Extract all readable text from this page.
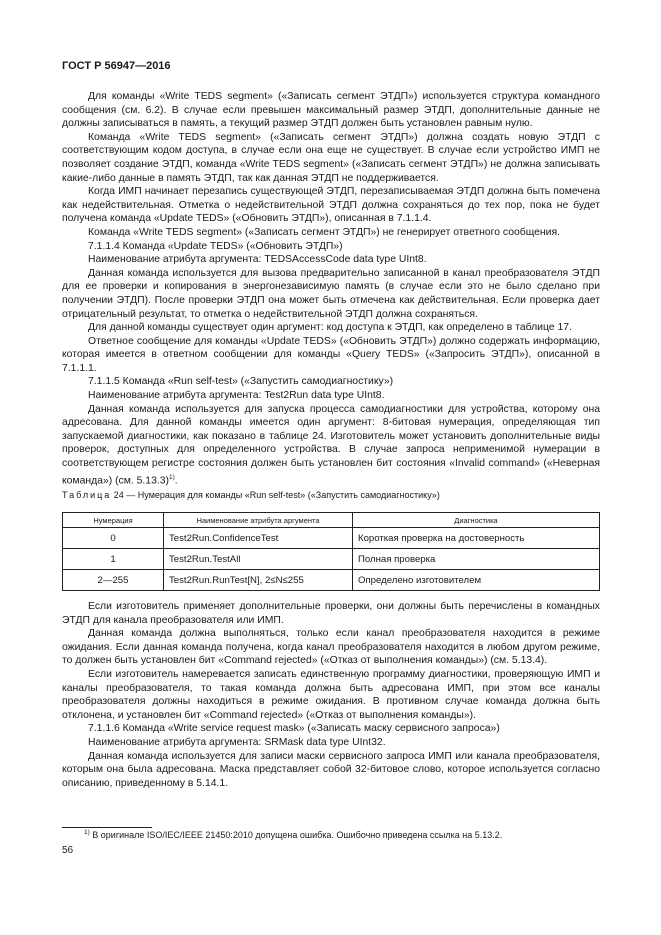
ГОСТ Р 56947—2016

Для команды «Write TEDS segment» («Записать сегмент ЭТДП») используется структура командного сообщения (см. 6.2). В случае если превышен максимальный размер ЭТДП, дополнительные данные не должны записываться в память, а текущий размер ЭТДП должен быть установлен равным нулю.

Команда «Write TEDS segment» («Записать сегмент ЭТДП») должна создать новую ЭТДП с соответствующим кодом доступа, в случае если она еще не существует. В случае если устройство ИМП не позволяет создание ЭТДП, команда «Write TEDS segment» («Записать сегмент ЭТДП») не должна записывать какие-либо данные в память ЭТДП, так как данная ЭТДП не поддерживается.

Когда ИМП начинает перезапись существующей ЭТДП, перезаписываемая ЭТДП должна быть помечена как недействительная. Отметка о недействительной ЭТДП должна сохраняться до тех пор, пока не будет получена команда «Update TEDS» («Обновить ЭТДП»), описанная в 7.1.1.4.

Команда «Write TEDS segment» («Записать сегмент ЭТДП») не генерирует ответного сообщения.

7.1.1.4 Команда «Update TEDS» («Обновить ЭТДП»)

Наименование атрибута аргумента: TEDSAccessCode data type UInt8.

Данная команда используется для вызова предварительно записанной в канал преобразователя ЭТДП для ее проверки и копирования в энергонезависимую память (в случае если это не было сделано при получении ЭТДП). После проверки ЭТДП она может быть отмечена как действительная. Если проверка дает отрицательный результат, то отметка о недействительной ЭТДП должна сохраняться.

Для данной команды существует один аргумент: код доступа к ЭТДП, как определено в таблице 17.

Ответное сообщение для команды «Update TEDS» («Обновить ЭТДП») должно содержать информацию, которая имеется в ответном сообщении для команды «Query TEDS» («Запросить ЭТДП»), описанной в 7.1.1.1.

7.1.1.5 Команда «Run self-test» («Запустить самодиагностику»)

Наименование атрибута аргумента: Test2Run data type UInt8.

Данная команда используется для запуска процесса самодиагностики для устройства, которому она адресована. Для данной команды имеется один аргумент: 8-битовая нумерация, определяющая тип запускаемой диагностики, как показано в таблице 24. Изготовитель может установить дополнительные виды проверок, доступных для определенного устройства. В случае запроса неприменимой нумерации в соответствующем регистре состояния должен быть установлен бит состояния «Invalid command» («Неверная команда») (см. 5.13.3)$^{1)}$.

Таблица 24 — Нумерация для команды «Run self-test» («Запустить самодиагностику»)
Нумерация	Наименование атрибута аргумента	Диагностика
0	Test2Run.ConfidenceTest	Короткая проверка на достоверность
1	Test2Run.TestAll	Полная проверка
2—255	Test2Run.RunTest[N], 2≤N≤255	Определено изготовителем

Если изготовитель применяет дополнительные проверки, они должны быть перечислены в командных ЭТДП для канала преобразователя или ИМП.

Данная команда должна выполняться, только если канал преобразователя находится в режиме ожидания. Если данная команда получена, когда канал преобразователя находится в любом другом режиме, то должен быть установлен бит «Command rejected» («Отказ от выполнения команды») (см. 5.13.4).

Если изготовитель намеревается записать единственную программу диагностики, проверяющую ИМП и каналы преобразователя, то такая команда должна быть адресована ИМП, при этом все каналы преобразователя должны находиться в режиме ожидания. В противном случае команда должна быть отклонена, и установлен бит «Command rejected» («Отказ от выполнения команды»).

7.1.1.6 Команда «Write service request mask» («Записать маску сервисного запроса»)

Наименование атрибута аргумента: SRMask data type UInt32.

Данная команда используется для записи маски сервисного запроса ИМП или канала преобразователя, которым она была адресована. Маска представляет собой 32-битовое слово, которое используется согласно описанию, приведенному в 5.14.1.

$^{1)}$ В оригинале ISO/IEC/IEEE 21450:2010 допущена ошибка. Ошибочно приведена ссылка на 5.13.2.
56
